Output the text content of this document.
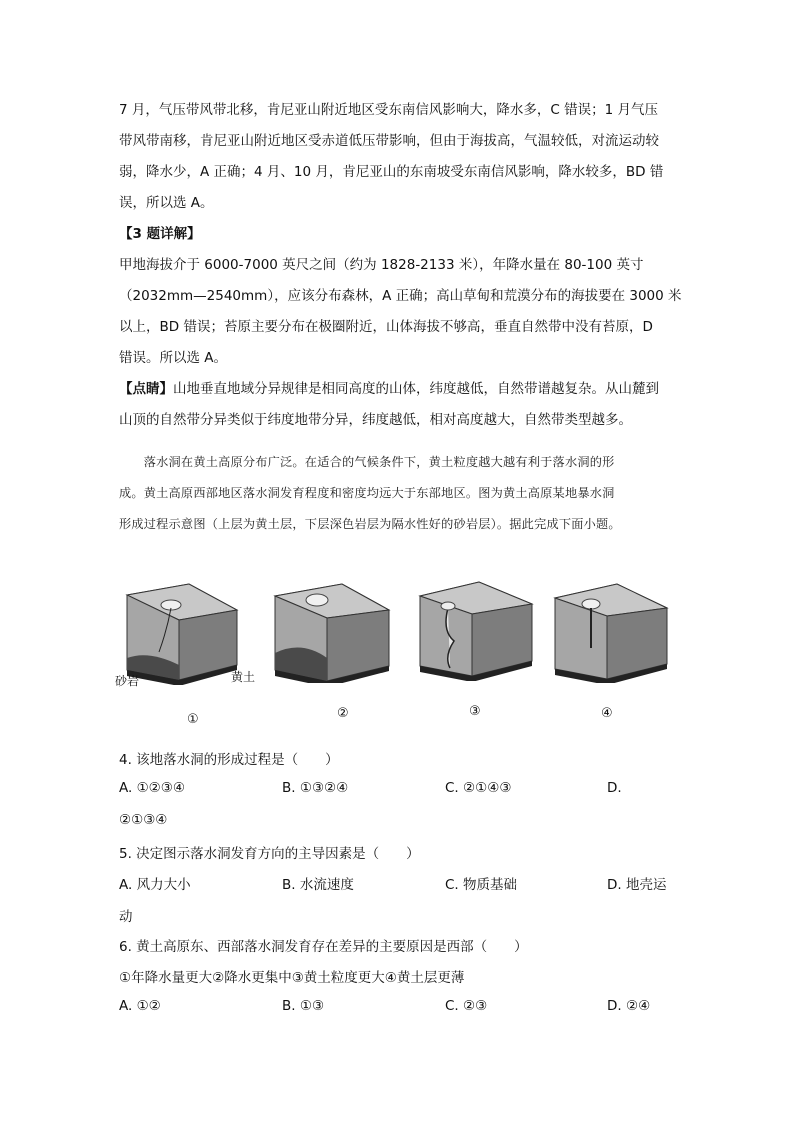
7 月，气压带风带北移，肯尼亚山附近地区受东南信风影响大，降水多，C 错误；1 月气压
带风带南移，肯尼亚山附近地区受赤道低压带影响，但由于海拔高，气温较低，对流运动较
弱，降水少，A 正确；4 月、10 月，肯尼亚山的东南坡受东南信风影响，降水较多，BD 错
误，所以选 A。
【3 题详解】
甲地海拔介于 6000-7000 英尺之间（约为 1828-2133 米），年降水量在 80-100 英寸
（2032mm—2540mm），应该分布森林，A 正确；高山草甸和荒漠分布的海拔要在 3000 米
以上，BD 错误；苔原主要分布在极圈附近，山体海拔不够高，垂直自然带中没有苔原，D
错误。所以选 A。
【点睛】山地垂直地域分异规律是相同高度的山体，纬度越低，自然带谱越复杂。从山麓到
山顶的自然带分异类似于纬度地带分异，纬度越低，相对高度越大，自然带类型越多。
　　落水洞在黄土高原分布广泛。在适合的气候条件下，黄土粒度越大越有利于落水洞的形
成。黄土高原西部地区落水洞发育程度和密度均远大于东部地区。图为黄土高原某地暴水洞
形成过程示意图（上层为黄土层，下层深色岩层为隔水性好的砂岩层）。据此完成下面小题。
砂岩	黄土
①	②	③	④
4. 该地落水洞的形成过程是（　　）
A. ①②③④	B. ①③②④	C. ②①④③	D.
②①③④
5. 决定图示落水洞发育方向的主导因素是（　　）
A. 风力大小	B. 水流速度	C. 物质基础	D. 地壳运
动
6. 黄土高原东、西部落水洞发育存在差异的主要原因是西部（　　）
①年降水量更大②降水更集中③黄土粒度更大④黄土层更薄
A. ①②	B. ①③	C. ②③	D. ②④
